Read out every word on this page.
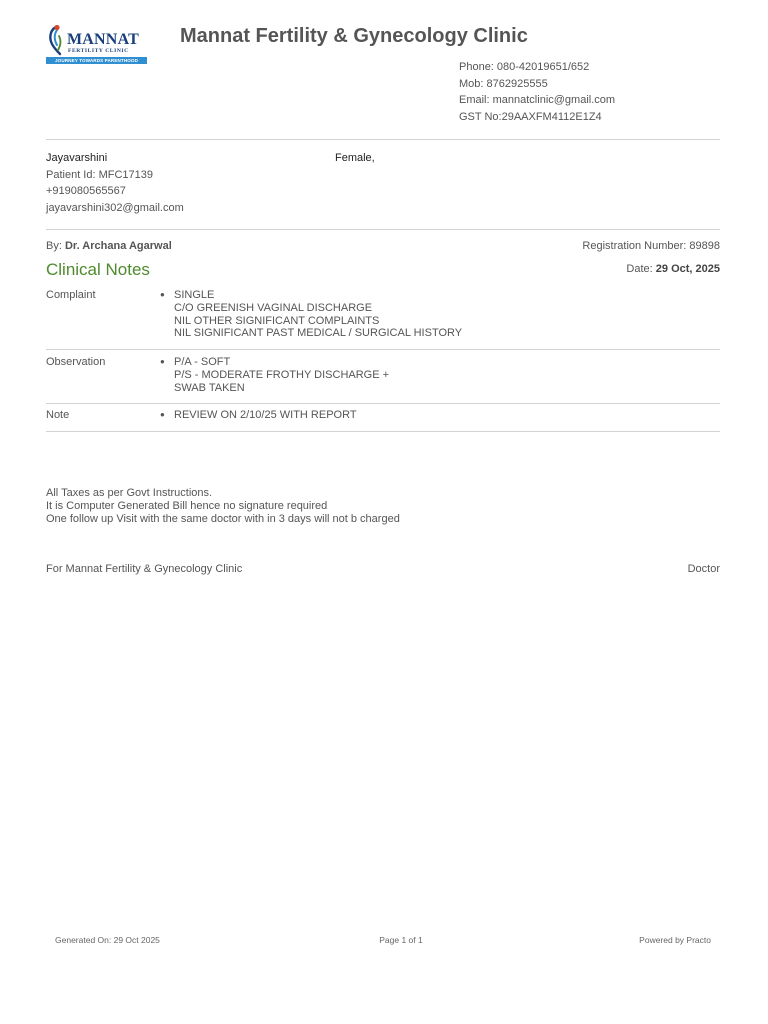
MANNAT
FERTILITY CLINIC
JOURNEY TOWARDS PARENTHOOD
Mannat Fertility & Gynecology Clinic
Phone: 080-42019651/652
Mob: 8762925555
Email: mannatclinic@gmail.com
GST No:29AAXFM4112E1Z4
Jayavarshini
Patient Id: MFC17139
+919080565567
jayavarshini302@gmail.com
Female,
By: Dr. Archana Agarwal	Registration Number: 89898
Clinical Notes	Date: 29 Oct, 2025
Complaint	● SINGLE
C/O GREENISH VAGINAL DISCHARGE
NIL OTHER SIGNIFICANT COMPLAINTS
NIL SIGNIFICANT PAST MEDICAL / SURGICAL HISTORY
Observation	● P/A - SOFT
P/S - MODERATE FROTHY DISCHARGE +
SWAB TAKEN
Note	● REVIEW ON 2/10/25 WITH REPORT
All Taxes as per Govt Instructions.
It is Computer Generated Bill hence no signature required
One follow up Visit with the same doctor with in 3 days will not b charged
For Mannat Fertility & Gynecology Clinic	Doctor
Generated On: 29 Oct 2025	Page 1 of 1	Powered by Practo
